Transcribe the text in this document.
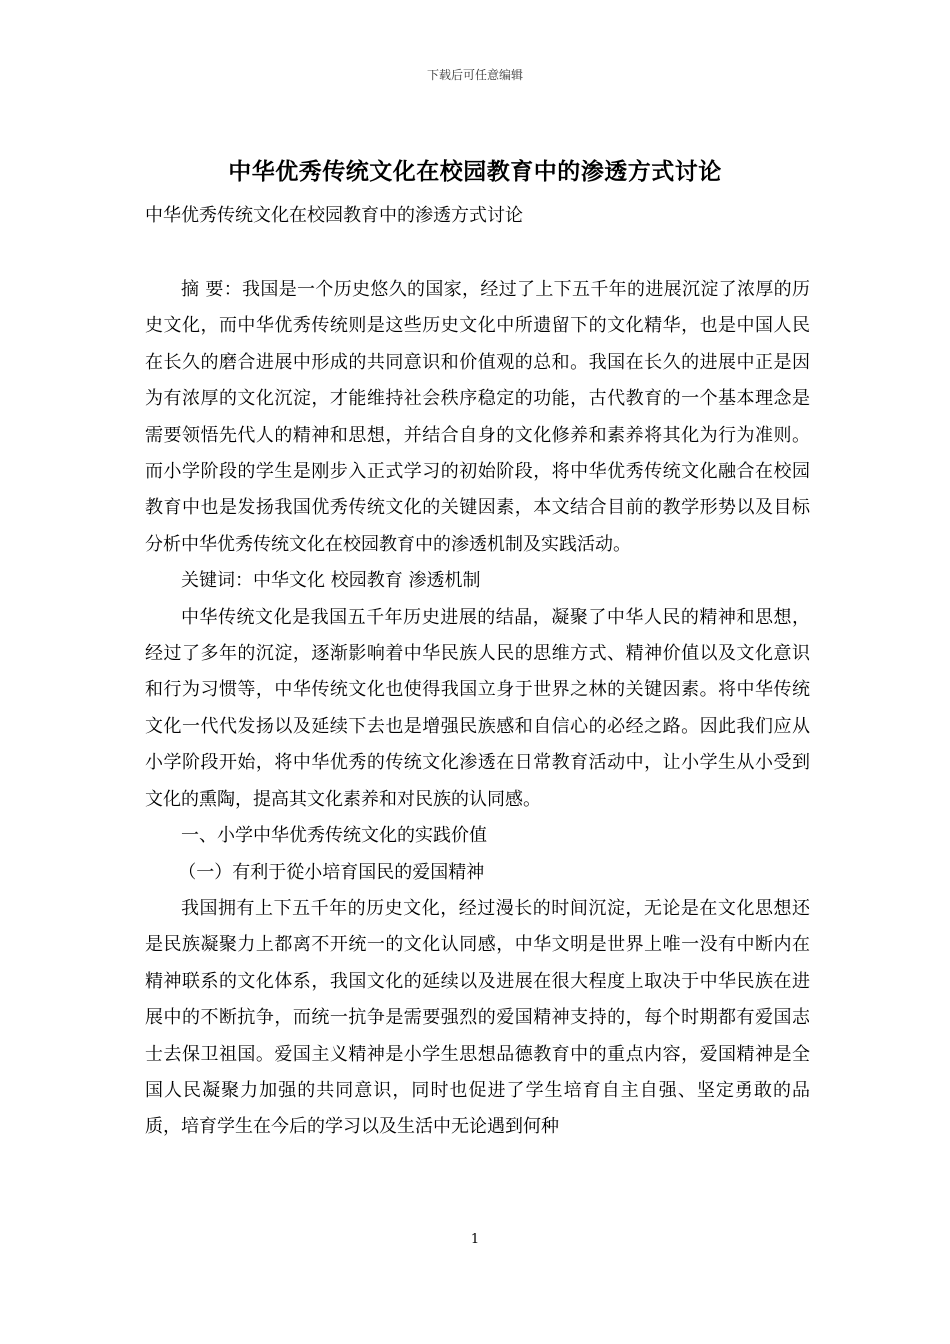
下载后可任意编辑
中华优秀传统文化在校园教育中的渗透方式讨论
中华优秀传统文化在校园教育中的渗透方式讨论

摘 要：我国是一个历史悠久的国家，经过了上下五千年的进展沉淀了浓厚的历史文化，而中华优秀传统则是这些历史文化中所遗留下的文化精华，也是中国人民在长久的磨合进展中形成的共同意识和价值观的总和。我国在长久的进展中正是因为有浓厚的文化沉淀，才能维持社会秩序稳定的功能，古代教育的一个基本理念是需要领悟先代人的精神和思想，并结合自身的文化修养和素养将其化为行为准则。而小学阶段的学生是刚步入正式学习的初始阶段，将中华优秀传统文化融合在校园教育中也是发扬我国优秀传统文化的关键因素，本文结合目前的教学形势以及目标分析中华优秀传统文化在校园教育中的渗透机制及实践活动。

关键词：中华文化 校园教育 渗透机制

中华传统文化是我国五千年历史进展的结晶，凝聚了中华人民的精神和思想，经过了多年的沉淀，逐渐影响着中华民族人民的思维方式、精神价值以及文化意识和行为习惯等，中华传统文化也使得我国立身于世界之林的关键因素。将中华传统文化一代代发扬以及延续下去也是增强民族感和自信心的必经之路。因此我们应从小学阶段开始，将中华优秀的传统文化渗透在日常教育活动中，让小学生从小受到文化的熏陶，提高其文化素养和对民族的认同感。

一、小学中华优秀传统文化的实践价值

（一）有利于從小培育国民的爱国精神

我国拥有上下五千年的历史文化，经过漫长的时间沉淀，无论是在文化思想还是民族凝聚力上都离不开统一的文化认同感，中华文明是世界上唯一没有中断内在精神联系的文化体系，我国文化的延续以及进展在很大程度上取决于中华民族在进展中的不断抗争，而统一抗争是需要强烈的爱国精神支持的，每个时期都有爱国志士去保卫祖国。爱国主义精神是小学生思想品德教育中的重点内容，爱国精神是全国人民凝聚力加强的共同意识，同时也促进了学生培育自主自强、坚定勇敢的品质，培育学生在今后的学习以及生活中无论遇到何种

1
